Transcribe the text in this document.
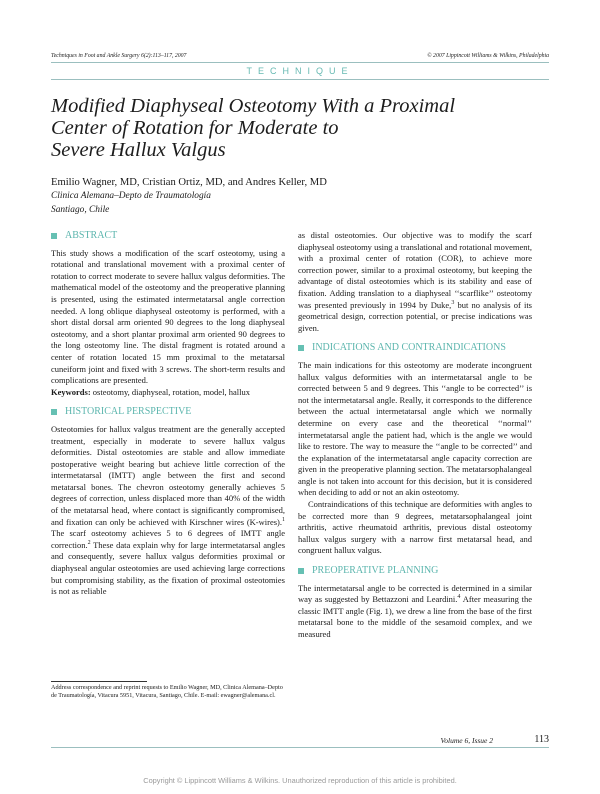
Techniques in Foot and Ankle Surgery 6(2):113–117, 2007	© 2007 Lippincott Williams & Wilkins, Philadelphia
TECHNIQUE
Modified Diaphyseal Osteotomy With a Proximal
Center of Rotation for Moderate to
Severe Hallux Valgus
Emilio Wagner, MD, Cristian Ortiz, MD, and Andres Keller, MD
Clinica Alemana–Depto de Traumatología
Santiago, Chile
ABSTRACT

This study shows a modification of the scarf osteotomy, using a rotational and translational movement with a proximal center of rotation to correct moderate to severe hallux valgus deformities. The mathematical model of the osteotomy and the preoperative planning is presented, using the estimated intermetatarsal angle correction needed. A long oblique diaphyseal osteotomy is performed, with a short distal dorsal arm oriented 90 degrees to the long diaphyseal osteotomy, and a short plantar proximal arm oriented 90 degrees to the long osteotomy line. The distal fragment is rotated around a center of rotation located 15 mm proximal to the metatarsal cuneiform joint and fixed with 3 screws. The short-term results and complications are presented.

Keywords: osteotomy, diaphyseal, rotation, model, hallux

HISTORICAL PERSPECTIVE

Osteotomies for hallux valgus treatment are the generally accepted treatment, especially in moderate to severe hallux valgus deformities. Distal osteotomies are stable and allow immediate postoperative weight bearing but achieve little correction of the intermetatarsal (IMTT) angle between the first and second metatarsal bones. The chevron osteotomy generally achieves 5 degrees of correction, unless displaced more than 40% of the width of the metatarsal head, where contact is significantly compromised, and fixation can only be achieved with Kirschner wires (K-wires).$^1$ The scarf osteotomy achieves 5 to 6 degrees of IMTT angle correction.$^2$ These data explain why for large intermetatarsal angles and consequently, severe hallux valgus deformities proximal or diaphyseal angular osteotomies are used achieving large corrections but compromising stability, as the fixation of proximal osteotomies is not as reliable

as distal osteotomies. Our objective was to modify the scarf diaphyseal osteotomy using a translational and rotational movement, with a proximal center of rotation (COR), to achieve more correction power, similar to a proximal osteotomy, but keeping the advantage of distal osteotomies which is its stability and ease of fixation. Adding translation to a diaphyseal ‘‘scarflike’’ osteotomy was presented previously in 1994 by Duke,$^3$ but no analysis of its geometrical design, correction potential, or precise indications was given.

INDICATIONS AND CONTRAINDICATIONS

The main indications for this osteotomy are moderate incongruent hallux valgus deformities with an intermetatarsal angle to be corrected between 5 and 9 degrees. This ‘‘angle to be corrected’’ is not the intermetatarsal angle. Really, it corresponds to the difference between the actual intermetatarsal angle which we normally determine on every case and the theoretical ‘‘normal’’ intermetatarsal angle the patient had, which is the angle we would like to restore. The way to measure the ‘‘angle to be corrected’’ and the explanation of the intermetatarsal angle capacity correction are given in the preoperative planning section. The metatarsophalangeal angle is not taken into account for this decision, but it is considered when deciding to add or not an akin osteotomy.

Contraindications of this technique are deformities with angles to be corrected more than 9 degrees, metatarsophalangeal joint arthritis, active rheumatoid arthritis, previous distal osteotomy hallux valgus surgery with a narrow first metatarsal head, and congruent hallux valgus.

PREOPERATIVE PLANNING

The intermetatarsal angle to be corrected is determined in a similar way as suggested by Bettazzoni and Leardini.$^4$ After measuring the classic IMTT angle (Fig. 1), we drew a line from the base of the first metatarsal bone to the middle of the sesamoid complex, and we measured

Address correspondence and reprint requests to Emilio Wagner, MD, Clinica Alemana–Depto de Traumatología, Vitacura 5951, Vitacura, Santiago, Chile. E-mail: ewagner@alemana.cl.
Volume 6, Issue 2	113
Copyright © Lippincott Williams & Wilkins. Unauthorized reproduction of this article is prohibited.
